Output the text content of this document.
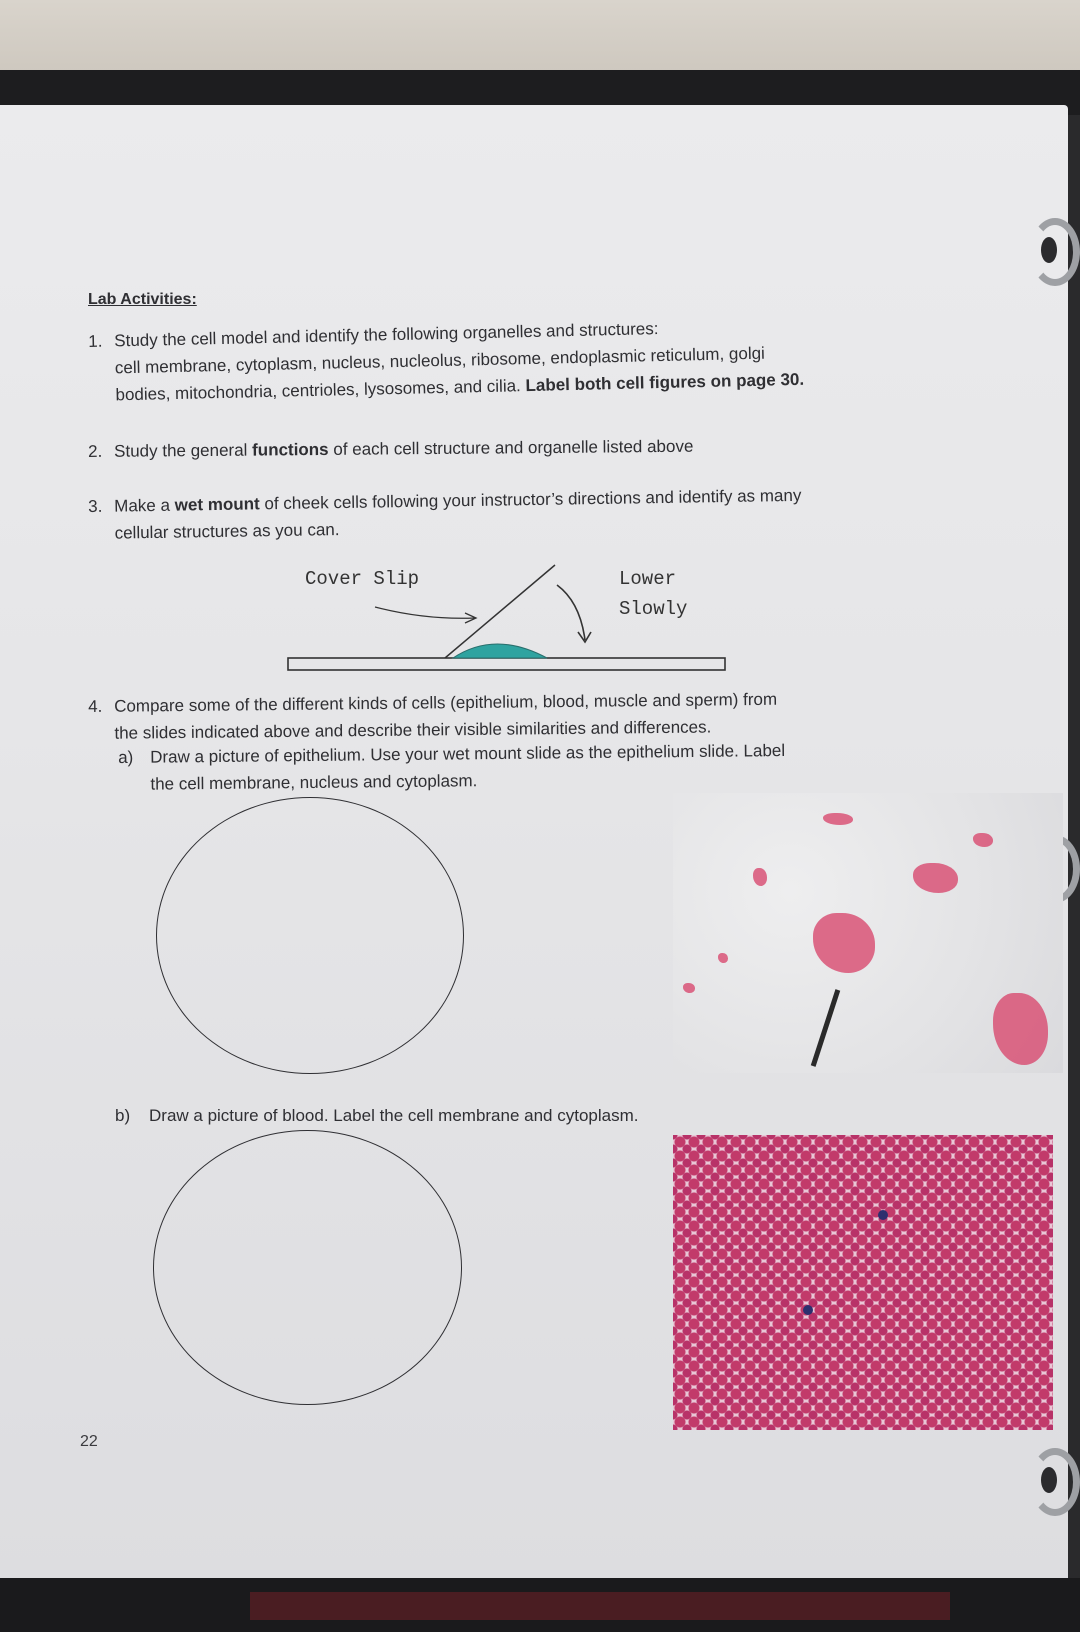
Lab Activities:
1. Study the cell model and identify the following organelles and structures:
cell membrane, cytoplasm, nucleus, nucleolus, ribosome, endoplasmic reticulum, golgi
bodies, mitochondria, centrioles, lysosomes, and cilia. Label both cell figures on page 30.
2. Study the general functions of each cell structure and organelle listed above
3. Make a wet mount of cheek cells following your instructor’s directions and identify as many
cellular structures as you can.
Cover Slip	Lower
Slowly
4. Compare some of the different kinds of cells (epithelium, blood, muscle and sperm) from
the slides indicated above and describe their visible similarities and differences.
a) Draw a picture of epithelium. Use your wet mount slide as the epithelium slide. Label
the cell membrane, nucleus and cytoplasm.
b)	Draw a picture of blood. Label the cell membrane and cytoplasm.
22
